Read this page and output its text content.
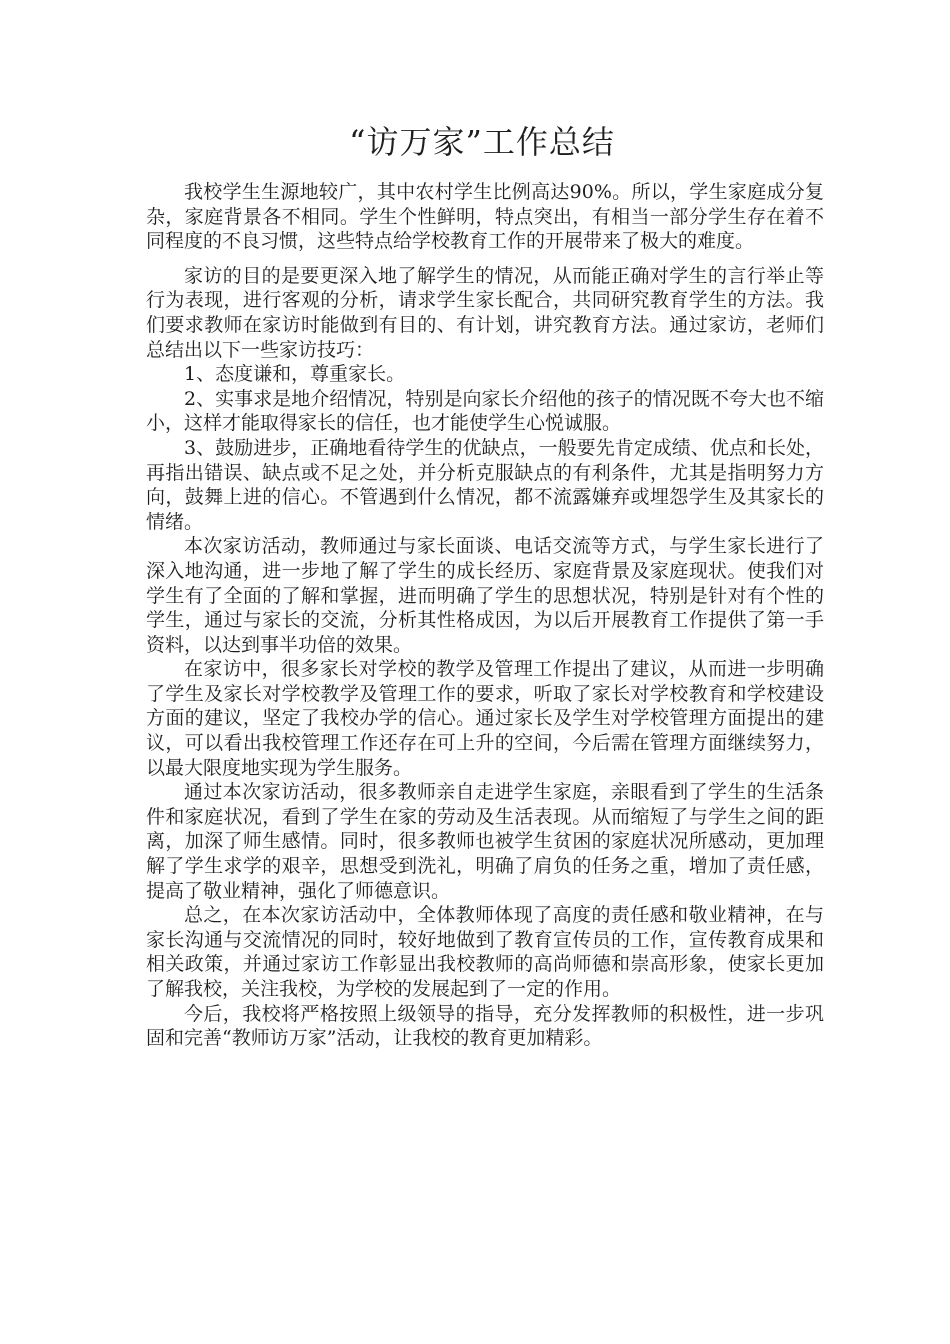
“访万家”工作总结

我校学生生源地较广，其中农村学生比例高达90%。所以，学生家庭成分复杂，家庭背景各不相同。学生个性鲜明，特点突出，有相当一部分学生存在着不同程度的不良习惯，这些特点给学校教育工作的开展带来了极大的难度。

家访的目的是要更深入地了解学生的情况，从而能正确对学生的言行举止等行为表现，进行客观的分析，请求学生家长配合，共同研究教育学生的方法。我们要求教师在家访时能做到有目的、有计划，讲究教育方法。通过家访，老师们总结出以下一些家访技巧：

1、态度谦和，尊重家长。

2、实事求是地介绍情况，特别是向家长介绍他的孩子的情况既不夸大也不缩小，这样才能取得家长的信任，也才能使学生心悦诚服。

3、鼓励进步，正确地看待学生的优缺点，一般要先肯定成绩、优点和长处，再指出错误、缺点或不足之处，并分析克服缺点的有利条件，尤其是指明努力方向，鼓舞上进的信心。不管遇到什么情况，都不流露嫌弃或埋怨学生及其家长的情绪。

本次家访活动，教师通过与家长面谈、电话交流等方式，与学生家长进行了深入地沟通，进一步地了解了学生的成长经历、家庭背景及家庭现状。使我们对学生有了全面的了解和掌握，进而明确了学生的思想状况，特别是针对有个性的学生，通过与家长的交流，分析其性格成因，为以后开展教育工作提供了第一手资料，以达到事半功倍的效果。

在家访中，很多家长对学校的教学及管理工作提出了建议，从而进一步明确了学生及家长对学校教学及管理工作的要求，听取了家长对学校教育和学校建设方面的建议，坚定了我校办学的信心。通过家长及学生对学校管理方面提出的建议，可以看出我校管理工作还存在可上升的空间，今后需在管理方面继续努力，以最大限度地实现为学生服务。

通过本次家访活动，很多教师亲自走进学生家庭，亲眼看到了学生的生活条件和家庭状况，看到了学生在家的劳动及生活表现。从而缩短了与学生之间的距离，加深了师生感情。同时，很多教师也被学生贫困的家庭状况所感动，更加理解了学生求学的艰辛，思想受到洗礼，明确了肩负的任务之重，增加了责任感，提高了敬业精神，强化了师德意识。

总之，在本次家访活动中，全体教师体现了高度的责任感和敬业精神，在与家长沟通与交流情况的同时，较好地做到了教育宣传员的工作，宣传教育成果和相关政策，并通过家访工作彰显出我校教师的高尚师德和崇高形象，使家长更加了解我校，关注我校，为学校的发展起到了一定的作用。

今后，我校将严格按照上级领导的指导，充分发挥教师的积极性，进一步巩固和完善“教师访万家”活动，让我校的教育更加精彩。
